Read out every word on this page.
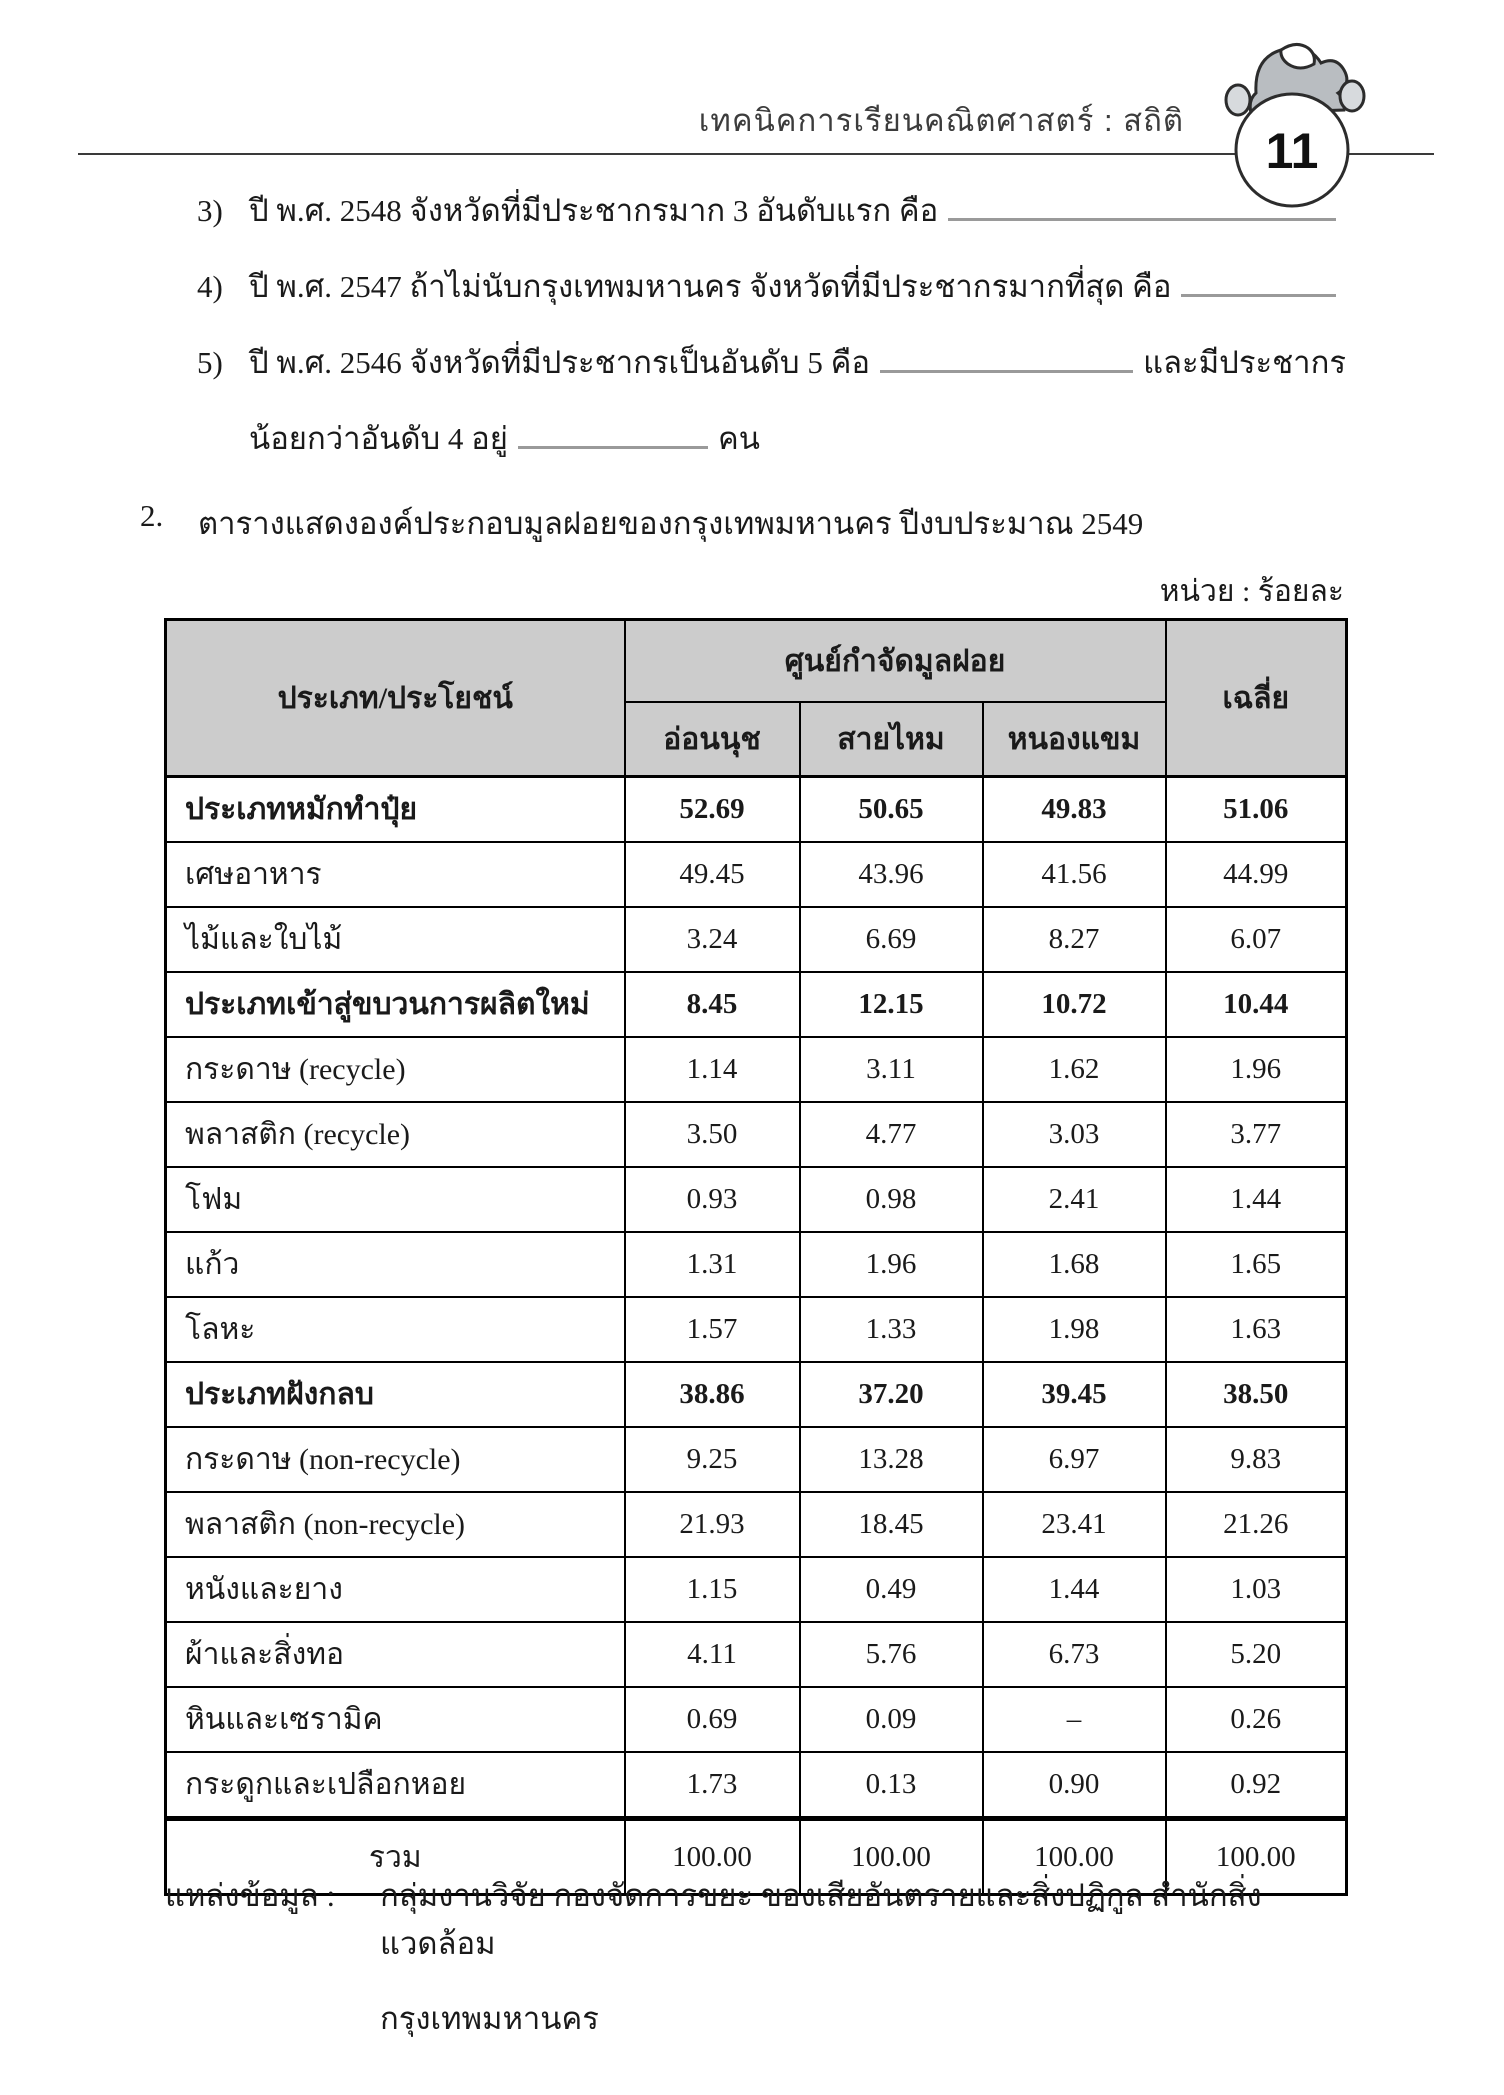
เทคนิคการเรียนคณิตศาสตร์ : สถิติ
11
3) ปี พ.ศ. 2548 จังหวัดที่มีประชากรมาก 3 อันดับแรก คือ
4) ปี พ.ศ. 2547 ถ้าไม่นับกรุงเทพมหานคร จังหวัดที่มีประชากรมากที่สุด คือ
5) ปี พ.ศ. 2546 จังหวัดที่มีประชากรเป็นอันดับ 5 คือ	และมีประชากร
น้อยกว่าอันดับ 4 อยู่	คน
2.	ตารางแสดงองค์ประกอบมูลฝอยของกรุงเทพมหานคร ปีงบประมาณ 2549
หน่วย : ร้อยละ
ประเภท/ประโยชน์	ศูนย์กำจัดมูลฝอย			เฉลี่ย
	อ่อนนุช	สายไหม	หนองแขม	
ประเภทหมักทำปุ๋ย	52.69	50.65	49.83	51.06
เศษอาหาร	49.45	43.96	41.56	44.99
ไม้และใบไม้	3.24	6.69	8.27	6.07
ประเภทเข้าสู่ขบวนการผลิตใหม่	8.45	12.15	10.72	10.44
กระดาษ (recycle)	1.14	3.11	1.62	1.96
พลาสติก (recycle)	3.50	4.77	3.03	3.77
โฟม	0.93	0.98	2.41	1.44
แก้ว	1.31	1.96	1.68	1.65
โลหะ	1.57	1.33	1.98	1.63
ประเภทฝังกลบ	38.86	37.20	39.45	38.50
กระดาษ (non-recycle)	9.25	13.28	6.97	9.83
พลาสติก (non-recycle)	21.93	18.45	23.41	21.26
หนังและยาง	1.15	0.49	1.44	1.03
ผ้าและสิ่งทอ	4.11	5.76	6.73	5.20
หินและเซรามิค	0.69	0.09	–	0.26
กระดูกและเปลือกหอย	1.73	0.13	0.90	0.92
รวม	100.00	100.00	100.00	100.00
แหล่งข้อมูล :	กลุ่มงานวิจัย กองจัดการขยะ ของเสียอันตรายและสิ่งปฏิกูล สำนักสิ่งแวดล้อม
กรุงเทพมหานคร
